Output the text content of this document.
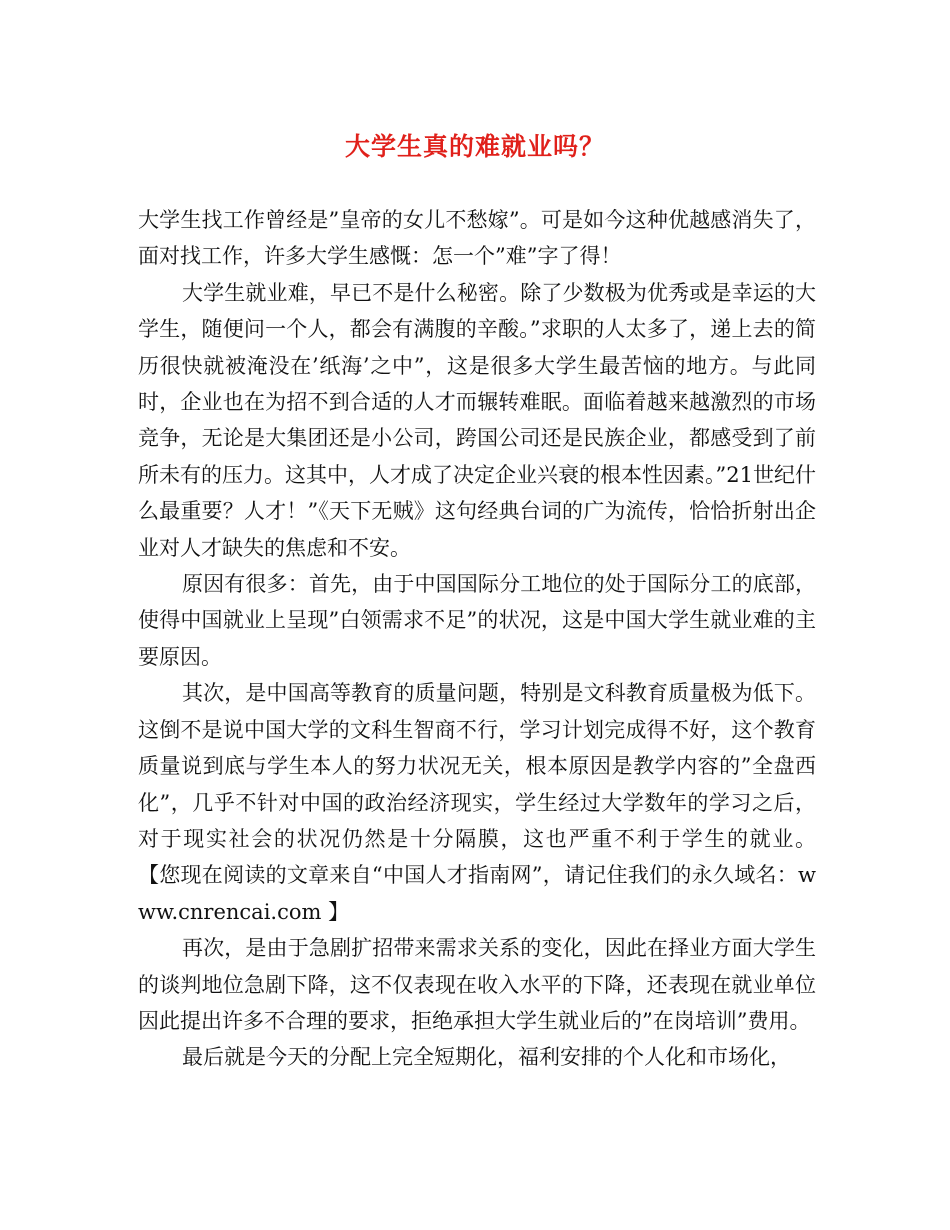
大学生真的难就业吗？

大学生找工作曾经是”皇帝的女儿不愁嫁”。可是如今这种优越感消失了，面对找工作，许多大学生感慨：怎一个”难”字了得！

大学生就业难，早已不是什么秘密。除了少数极为优秀或是幸运的大学生，随便问一个人，都会有满腹的辛酸。”求职的人太多了，递上去的简历很快就被淹没在’纸海’之中”，这是很多大学生最苦恼的地方。与此同时，企业也在为招不到合适的人才而辗转难眠。面临着越来越激烈的市场竞争，无论是大集团还是小公司，跨国公司还是民族企业，都感受到了前所未有的压力。这其中，人才成了决定企业兴衰的根本性因素。”21世纪什么最重要？人才！”《天下无贼》这句经典台词的广为流传，恰恰折射出企业对人才缺失的焦虑和不安。

原因有很多：首先，由于中国国际分工地位的处于国际分工的底部，使得中国就业上呈现”白领需求不足”的状况，这是中国大学生就业难的主要原因。

其次，是中国高等教育的质量问题，特别是文科教育质量极为低下。这倒不是说中国大学的文科生智商不行，学习计划完成得不好，这个教育质量说到底与学生本人的努力状况无关，根本原因是教学内容的”全盘西化”，几乎不针对中国的政治经济现实，学生经过大学数年的学习之后，对于现实社会的状况仍然是十分隔膜，这也严重不利于学生的就业。 【您现在阅读的文章来自“中国人才指南网”，请记住我们的永久域名：www.cnrencai.com 】

再次，是由于急剧扩招带来需求关系的变化，因此在择业方面大学生的谈判地位急剧下降，这不仅表现在收入水平的下降，还表现在就业单位因此提出许多不合理的要求，拒绝承担大学生就业后的”在岗培训”费用。

最后就是今天的分配上完全短期化，福利安排的个人化和市场化，
